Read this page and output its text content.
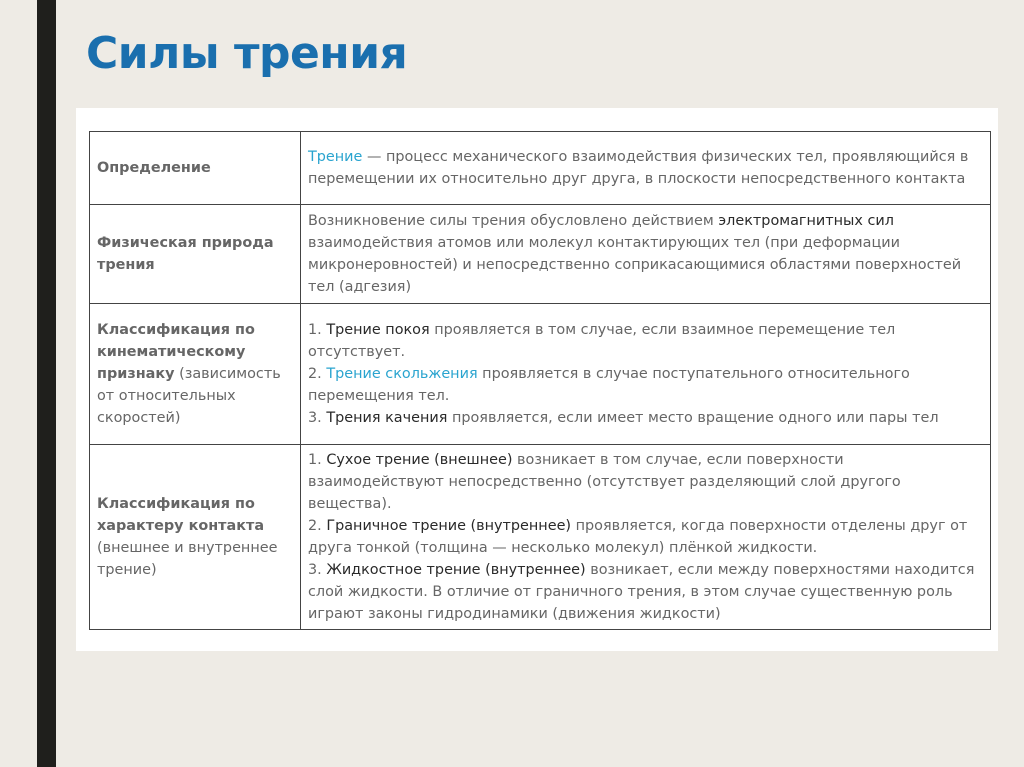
Силы трения
Определение	Трение — процесс механического взаимодействия физических тел, проявляющийся в перемещении их относительно друг друга, в плоскости непосредственного контакта
Физическая природа трения	Возникновение силы трения обусловлено действием электромагнитных сил взаимодействия атомов или молекул контактирующих тел (при деформации микронеровностей) и непосредственно соприкасающимися областями поверхностей тел (адгезия)
Классификация по кинематическому признаку (зависимость от относительных скоростей)	1. Трение покоя проявляется в том случае, если взаимное перемещение тел отсутствует.
2. Трение скольжения проявляется в случае поступательного относительного перемещения тел.
3. Трения качения проявляется, если имеет место вращение одного или пары тел

Классификация по характеру контакта (внешнее и внутреннее трение)	1. Сухое трение (внешнее) возникает в том случае, если поверхности взаимодействуют непосредственно (отсутствует разделяющий слой другого вещества).
2. Граничное трение (внутреннее) проявляется, когда поверхности отделены друг от друга тонкой (толщина — несколько молекул) плёнкой жидкости.
3. Жидкостное трение (внутреннее) возникает, если между поверхностями находится слой жидкости. В отличие от граничного трения, в этом случае существенную роль играют законы гидродинамики (движения жидкости)
